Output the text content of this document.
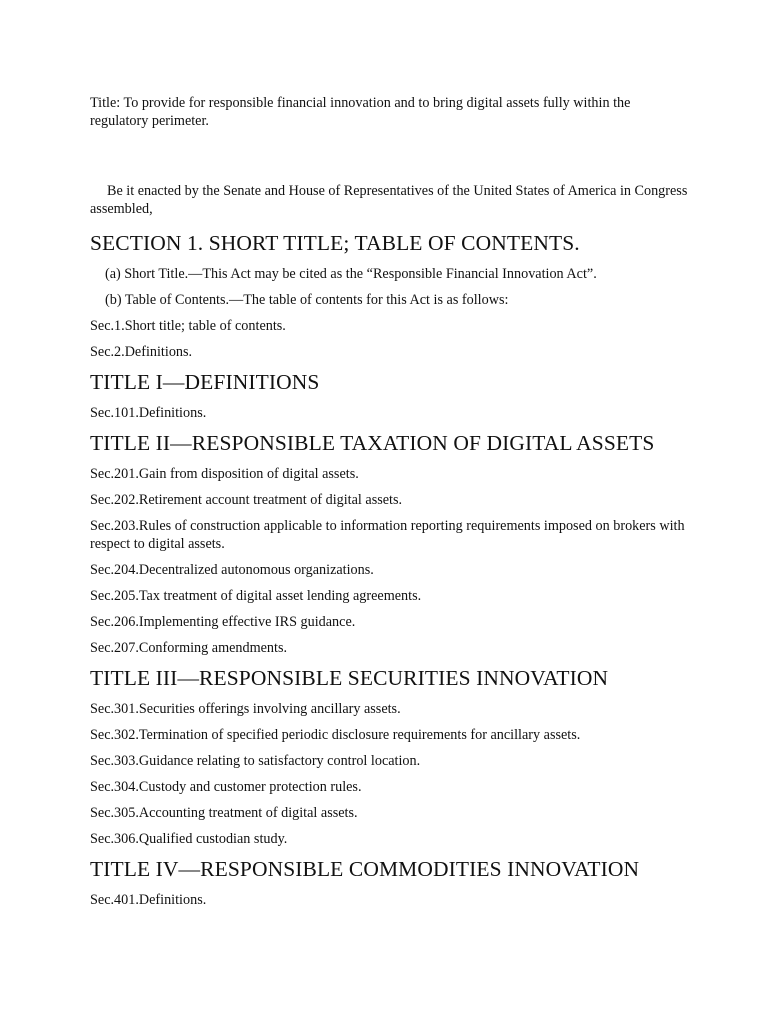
Title: To provide for responsible financial innovation and to bring digital assets fully within the regulatory perimeter.

Be it enacted by the Senate and House of Representatives of the United States of America in Congress assembled,

SECTION 1. SHORT TITLE; TABLE OF CONTENTS.

(a) Short Title.—This Act may be cited as the “Responsible Financial Innovation Act”.

(b) Table of Contents.—The table of contents for this Act is as follows:

Sec.1.Short title; table of contents.

Sec.2.Definitions.

TITLE I—DEFINITIONS

Sec.101.Definitions.

TITLE II—RESPONSIBLE TAXATION OF DIGITAL ASSETS

Sec.201.Gain from disposition of digital assets.

Sec.202.Retirement account treatment of digital assets.

Sec.203.Rules of construction applicable to information reporting requirements imposed on brokers with respect to digital assets.

Sec.204.Decentralized autonomous organizations.

Sec.205.Tax treatment of digital asset lending agreements.

Sec.206.Implementing effective IRS guidance.

Sec.207.Conforming amendments.

TITLE III—RESPONSIBLE SECURITIES INNOVATION

Sec.301.Securities offerings involving ancillary assets.

Sec.302.Termination of specified periodic disclosure requirements for ancillary assets.

Sec.303.Guidance relating to satisfactory control location.

Sec.304.Custody and customer protection rules.

Sec.305.Accounting treatment of digital assets.

Sec.306.Qualified custodian study.

TITLE IV—RESPONSIBLE COMMODITIES INNOVATION

Sec.401.Definitions.
